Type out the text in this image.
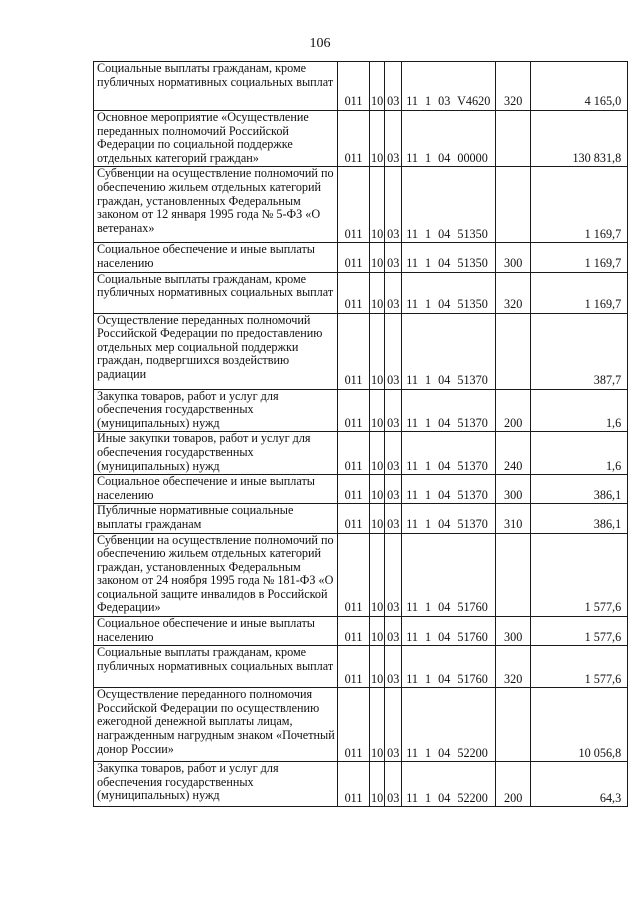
106
Социальные выплаты гражданам, кроме публичных нормативных социальных выплат	011	10	03	11 1 03 V4620	320	4 165,0
Основное мероприятие «Осуществление переданных полномочий Российской Федерации по социальной поддержке отдельных категорий граждан»	011	10	03	11 1 04 00000		130 831,8
Субвенции на осуществление полномочий по обеспечению жильем отдельных категорий граждан, установленных Федеральным законом от 12 января 1995 года № 5-ФЗ «О ветеранах»	011	10	03	11 1 04 51350		1 169,7
Социальное обеспечение и иные выплаты населению	011	10	03	11 1 04 51350	300	1 169,7
Социальные выплаты гражданам, кроме публичных нормативных социальных выплат	011	10	03	11 1 04 51350	320	1 169,7
Осуществление переданных полномочий Российской Федерации по предоставлению отдельных мер социальной поддержки граждан, подвергшихся воздействию радиации	011	10	03	11 1 04 51370		387,7
Закупка товаров, работ и услуг для обеспечения государственных (муниципальных) нужд	011	10	03	11 1 04 51370	200	1,6
Иные закупки товаров, работ и услуг для обеспечения государственных (муниципальных) нужд	011	10	03	11 1 04 51370	240	1,6
Социальное обеспечение и иные выплаты населению	011	10	03	11 1 04 51370	300	386,1
Публичные нормативные социальные выплаты гражданам	011	10	03	11 1 04 51370	310	386,1
Субвенции на осуществление полномочий по обеспечению жильем отдельных категорий граждан, установленных Федеральным законом от 24 ноября 1995 года № 181-ФЗ «О социальной защите инвалидов в Российской Федерации»	011	10	03	11 1 04 51760		1 577,6
Социальное обеспечение и иные выплаты населению	011	10	03	11 1 04 51760	300	1 577,6
Социальные выплаты гражданам, кроме публичных нормативных социальных выплат	011	10	03	11 1 04 51760	320	1 577,6
Осуществление переданного полномочия Российской Федерации по осуществлению ежегодной денежной выплаты лицам, награжденным нагрудным знаком «Почетный донор России»	011	10	03	11 1 04 52200		10 056,8
Закупка товаров, работ и услуг для обеспечения государственных (муниципальных) нужд	011	10	03	11 1 04 52200	200	64,3
